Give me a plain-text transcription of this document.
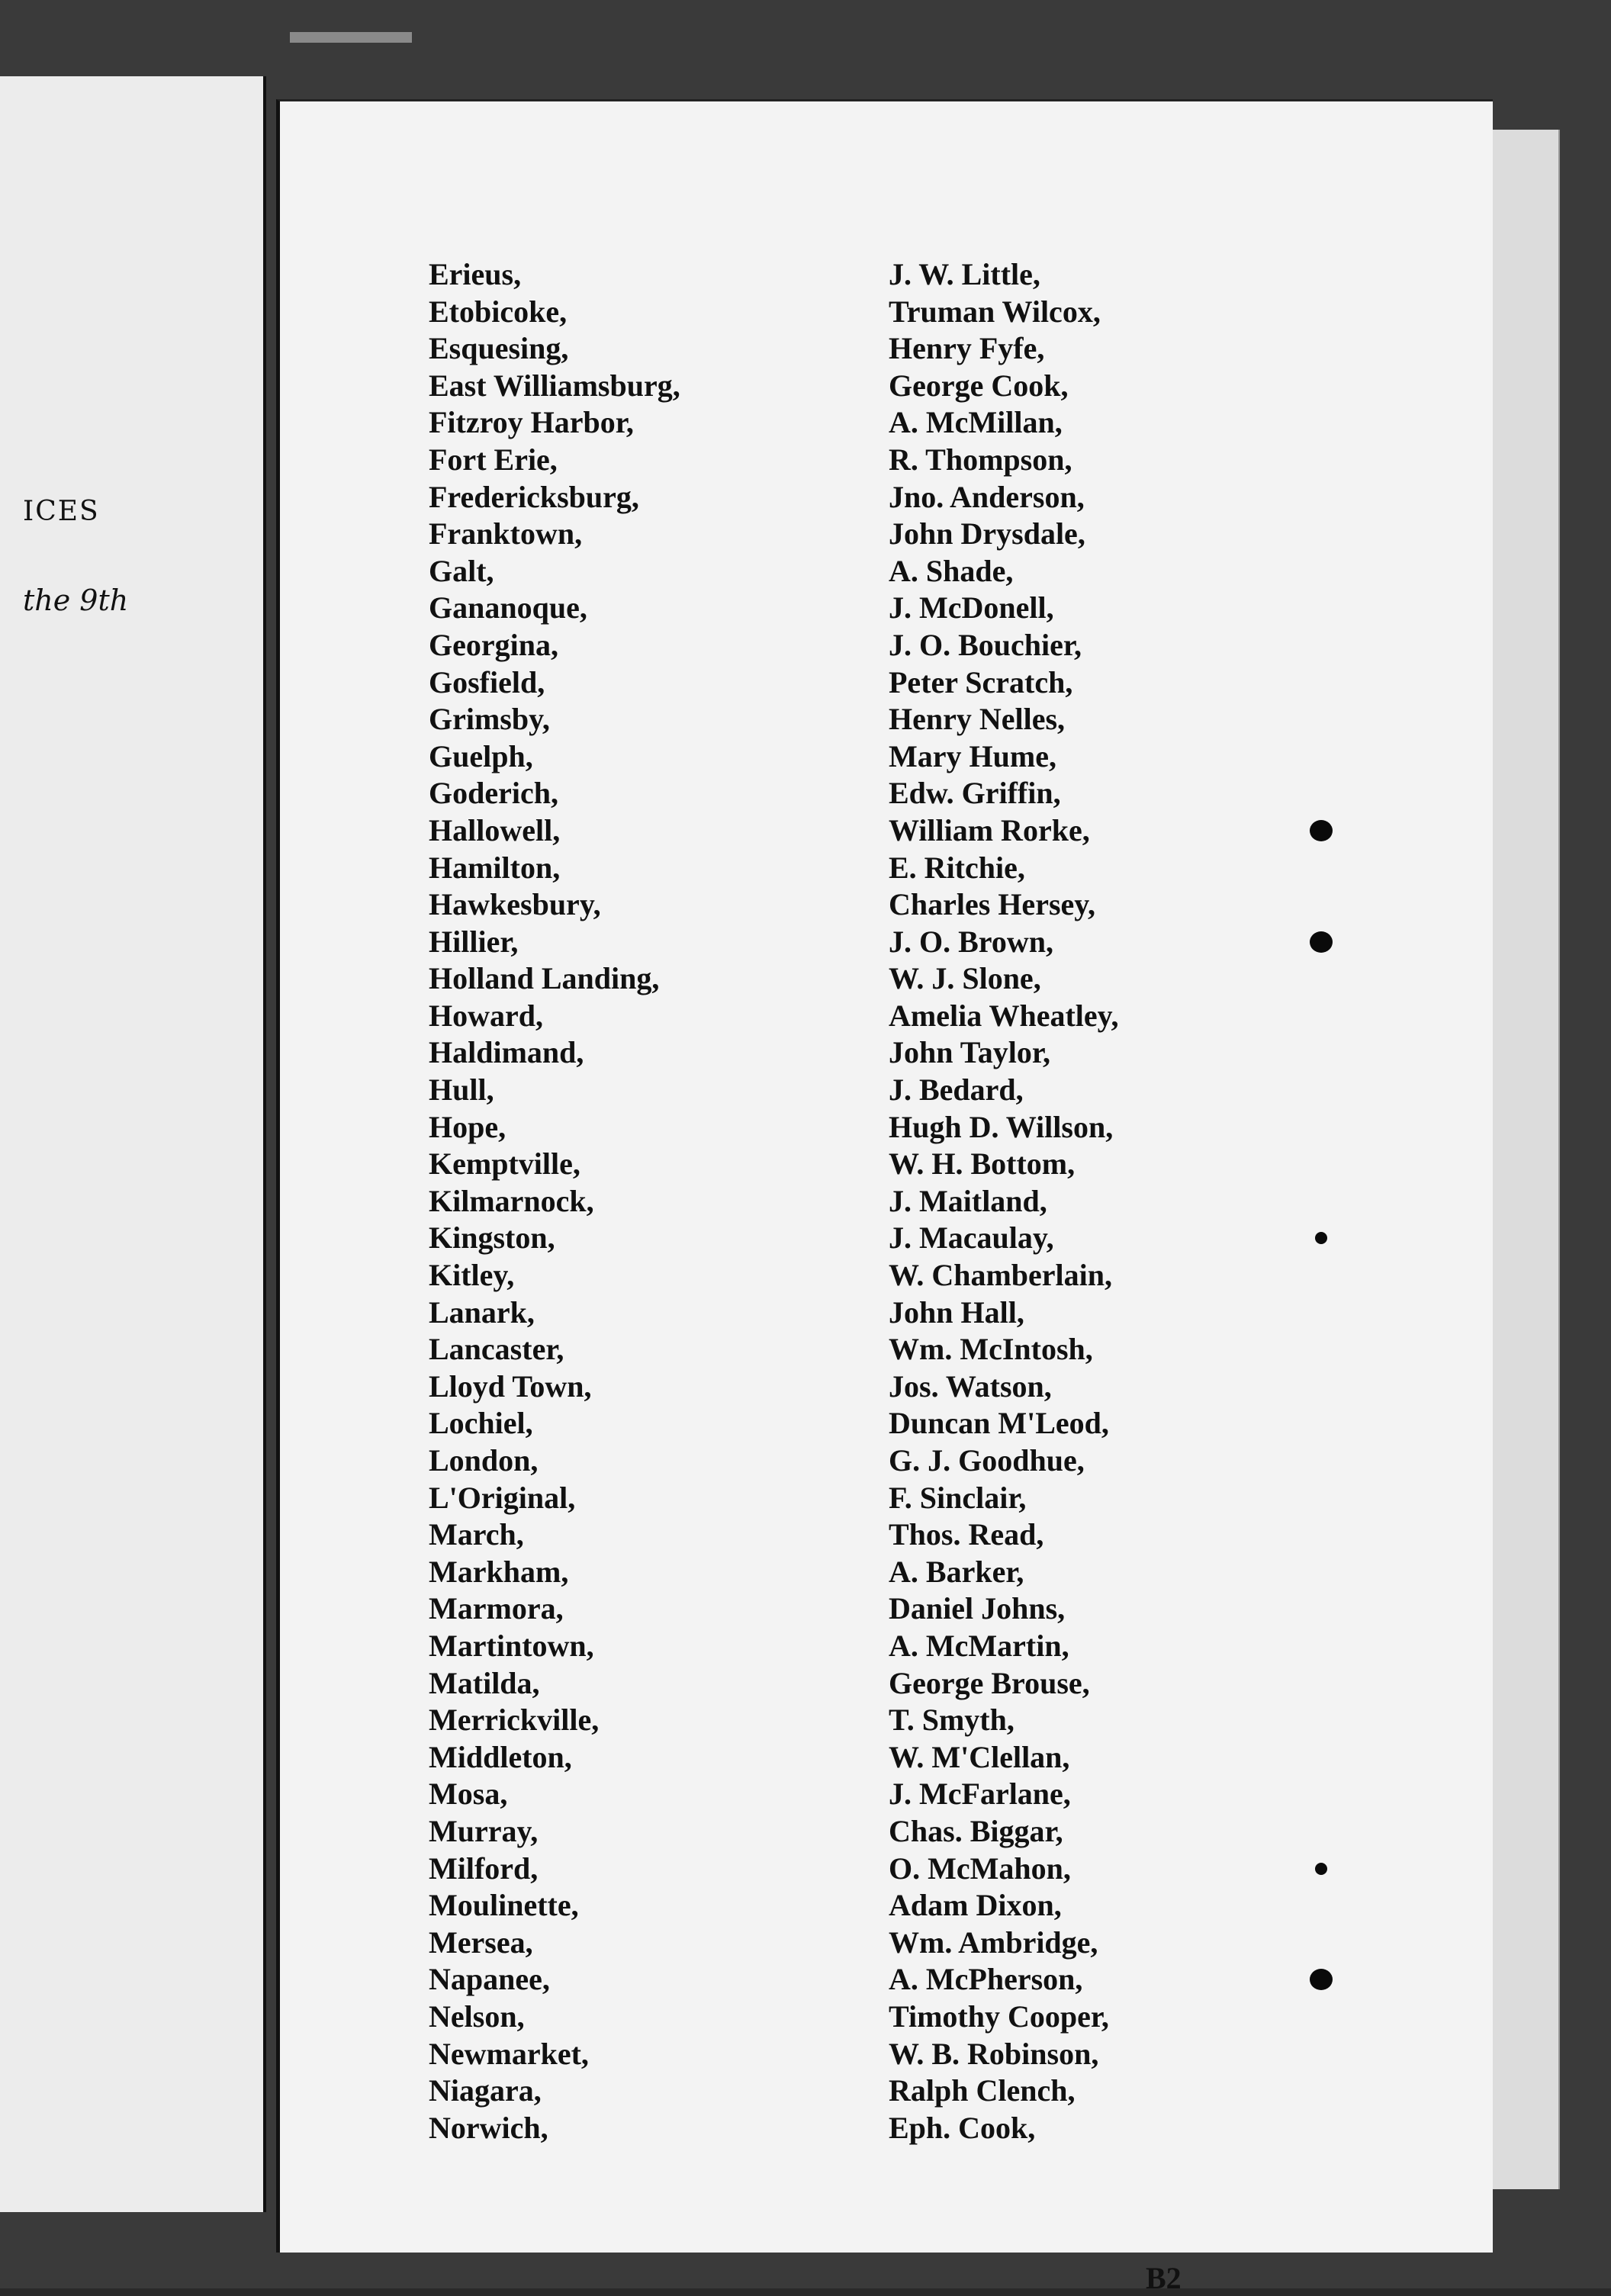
ICES
the 9th
Erieus,	J. W. Little,
Etobicoke,	Truman Wilcox,
Esquesing,	Henry Fyfe,
East Williamsburg,	George Cook,
Fitzroy Harbor,	A. McMillan,
Fort Erie,	R. Thompson,
Fredericksburg,	Jno. Anderson,
Franktown,	John Drysdale,
Galt,	A. Shade,
Gananoque,	J. McDonell,
Georgina,	J. O. Bouchier,
Gosfield,	Peter Scratch,
Grimsby,	Henry Nelles,
Guelph,	Mary Hume,
Goderich,	Edw. Griffin,
Hallowell,	William Rorke,
Hamilton,	E. Ritchie,
Hawkesbury,	Charles Hersey,
Hillier,	J. O. Brown,
Holland Landing,	W. J. Slone,
Howard,	Amelia Wheatley,
Haldimand,	John Taylor,
Hull,	J. Bedard,
Hope,	Hugh D. Willson,
Kemptville,	W. H. Bottom,
Kilmarnock,	J. Maitland,
Kingston,	J. Macaulay,
Kitley,	W. Chamberlain,
Lanark,	John Hall,
Lancaster,	Wm. McIntosh,
Lloyd Town,	Jos. Watson,
Lochiel,	Duncan M'Leod,
London,	G. J. Goodhue,
L'Original,	F. Sinclair,
March,	Thos. Read,
Markham,	A. Barker,
Marmora,	Daniel Johns,
Martintown,	A. McMartin,
Matilda,	George Brouse,
Merrickville,	T. Smyth,
Middleton,	W. M'Clellan,
Mosa,	J. McFarlane,
Murray,	Chas. Biggar,
Milford,	O. McMahon,
Moulinette,	Adam Dixon,
Mersea,	Wm. Ambridge,
Napanee,	A. McPherson,
Nelson,	Timothy Cooper,
Newmarket,	W. B. Robinson,
Niagara,	Ralph Clench,
Norwich,	Eph. Cook,
B2
